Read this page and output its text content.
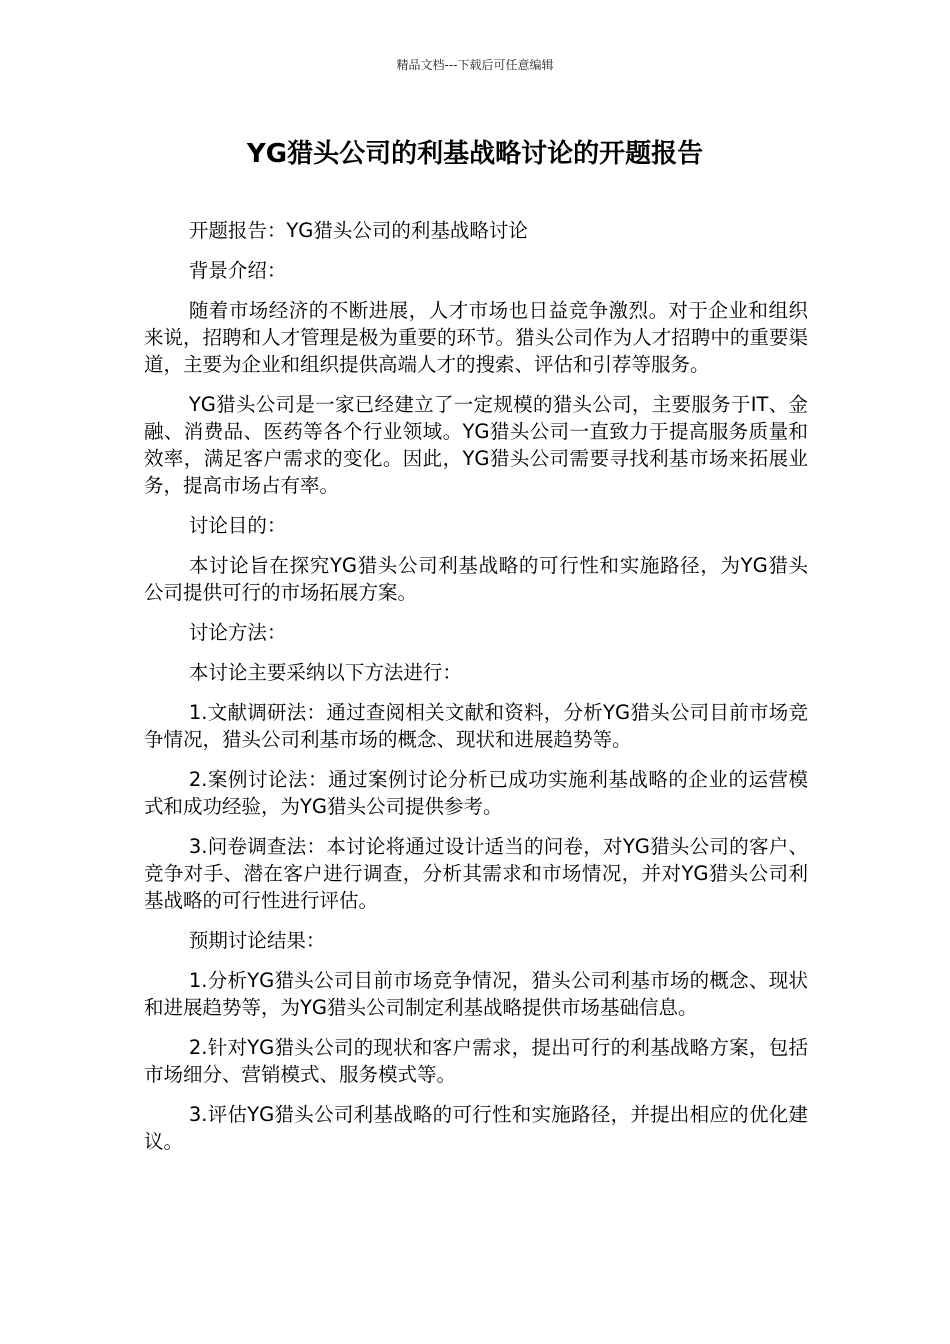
精品文档---下载后可任意编辑
YG猎头公司的利基战略讨论的开题报告

开题报告：YG猎头公司的利基战略讨论

背景介绍：

随着市场经济的不断进展，人才市场也日益竞争激烈。对于企业和组织来说，招聘和人才管理是极为重要的环节。猎头公司作为人才招聘中的重要渠道，主要为企业和组织提供高端人才的搜索、评估和引荐等服务。

YG猎头公司是一家已经建立了一定规模的猎头公司，主要服务于IT、金融、消费品、医药等各个行业领域。YG猎头公司一直致力于提高服务质量和效率，满足客户需求的变化。因此，YG猎头公司需要寻找利基市场来拓展业务，提高市场占有率。

讨论目的：

本讨论旨在探究YG猎头公司利基战略的可行性和实施路径，为YG猎头公司提供可行的市场拓展方案。

讨论方法：

本讨论主要采纳以下方法进行：

1.文献调研法：通过查阅相关文献和资料，分析YG猎头公司目前市场竞争情况，猎头公司利基市场的概念、现状和进展趋势等。

2.案例讨论法：通过案例讨论分析已成功实施利基战略的企业的运营模式和成功经验，为YG猎头公司提供参考。

3.问卷调查法：本讨论将通过设计适当的问卷，对YG猎头公司的客户、竞争对手、潜在客户进行调查，分析其需求和市场情况，并对YG猎头公司利基战略的可行性进行评估。

预期讨论结果：

1.分析YG猎头公司目前市场竞争情况，猎头公司利基市场的概念、现状和进展趋势等，为YG猎头公司制定利基战略提供市场基础信息。

2.针对YG猎头公司的现状和客户需求，提出可行的利基战略方案，包括市场细分、营销模式、服务模式等。

3.评估YG猎头公司利基战略的可行性和实施路径，并提出相应的优化建议。
